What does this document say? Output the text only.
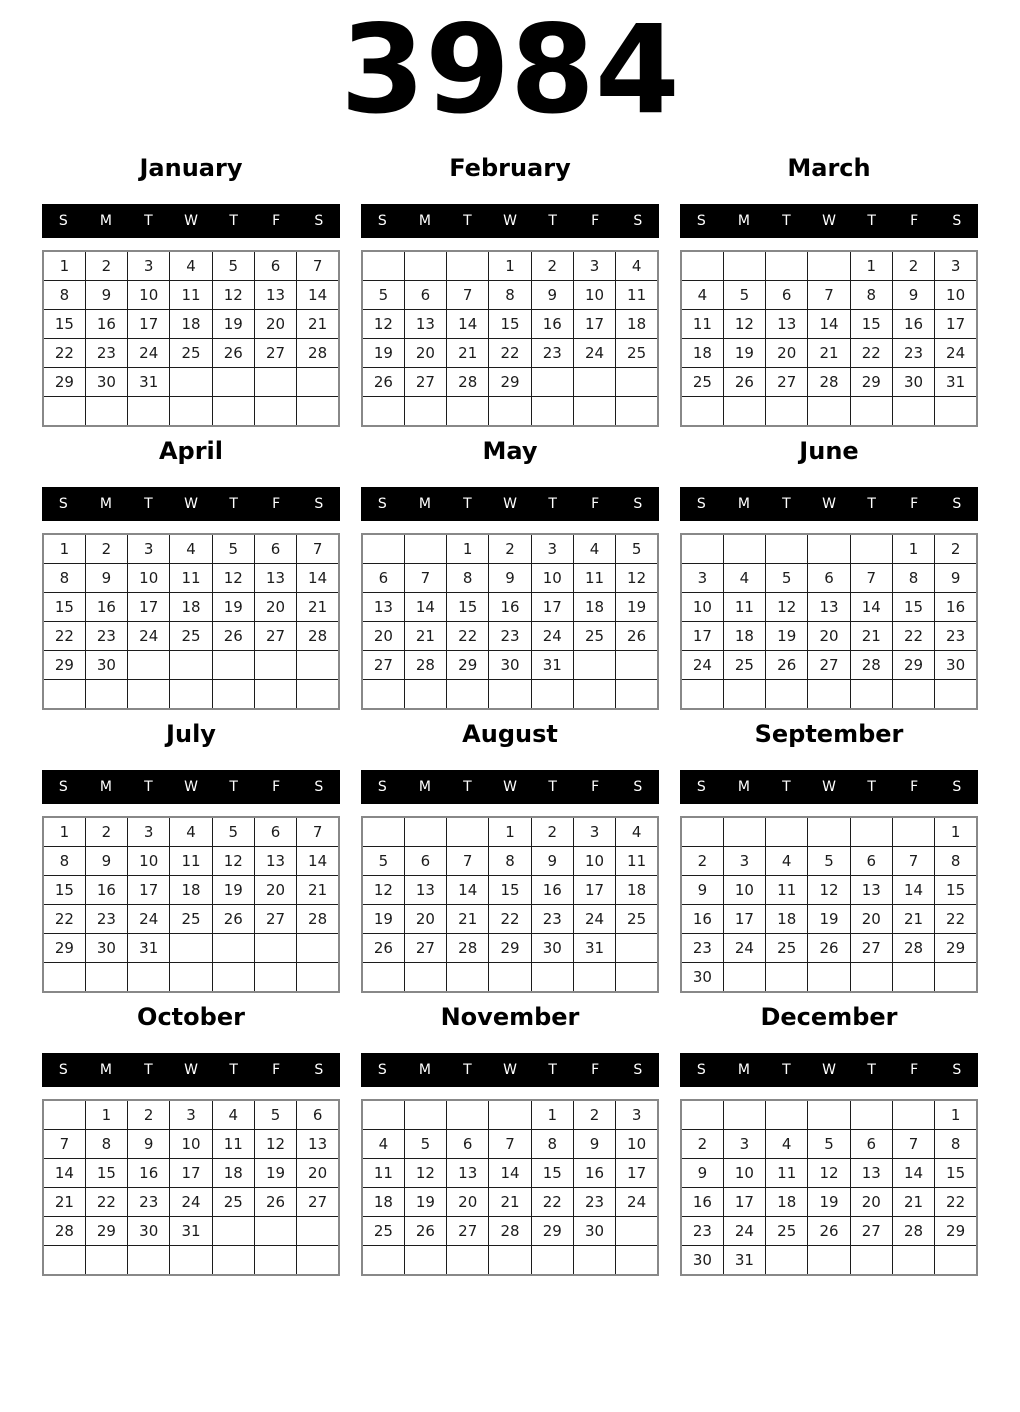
3984
January
S	M	T	W	T	F	S
1	2	3	4	5	6	7
8	9	10	11	12	13	14
15	16	17	18	19	20	21
22	23	24	25	26	27	28
29	30	31				

February
S	M	T	W	T	F	S
			1	2	3	4
5	6	7	8	9	10	11
12	13	14	15	16	17	18
19	20	21	22	23	24	25
26	27	28	29			

March
S	M	T	W	T	F	S
				1	2	3
4	5	6	7	8	9	10
11	12	13	14	15	16	17
18	19	20	21	22	23	24
25	26	27	28	29	30	31

April
S	M	T	W	T	F	S
1	2	3	4	5	6	7
8	9	10	11	12	13	14
15	16	17	18	19	20	21
22	23	24	25	26	27	28
29	30					

May
S	M	T	W	T	F	S
		1	2	3	4	5
6	7	8	9	10	11	12
13	14	15	16	17	18	19
20	21	22	23	24	25	26
27	28	29	30	31		

June
S	M	T	W	T	F	S
					1	2
3	4	5	6	7	8	9
10	11	12	13	14	15	16
17	18	19	20	21	22	23
24	25	26	27	28	29	30

July
S	M	T	W	T	F	S
1	2	3	4	5	6	7
8	9	10	11	12	13	14
15	16	17	18	19	20	21
22	23	24	25	26	27	28
29	30	31				

August
S	M	T	W	T	F	S
			1	2	3	4
5	6	7	8	9	10	11
12	13	14	15	16	17	18
19	20	21	22	23	24	25
26	27	28	29	30	31	

September
S	M	T	W	T	F	S
						1
2	3	4	5	6	7	8
9	10	11	12	13	14	15
16	17	18	19	20	21	22
23	24	25	26	27	28	29
30						
October
S	M	T	W	T	F	S
	1	2	3	4	5	6
7	8	9	10	11	12	13
14	15	16	17	18	19	20
21	22	23	24	25	26	27
28	29	30	31			

November
S	M	T	W	T	F	S
				1	2	3
4	5	6	7	8	9	10
11	12	13	14	15	16	17
18	19	20	21	22	23	24
25	26	27	28	29	30	

December
S	M	T	W	T	F	S
						1
2	3	4	5	6	7	8
9	10	11	12	13	14	15
16	17	18	19	20	21	22
23	24	25	26	27	28	29
30	31					
